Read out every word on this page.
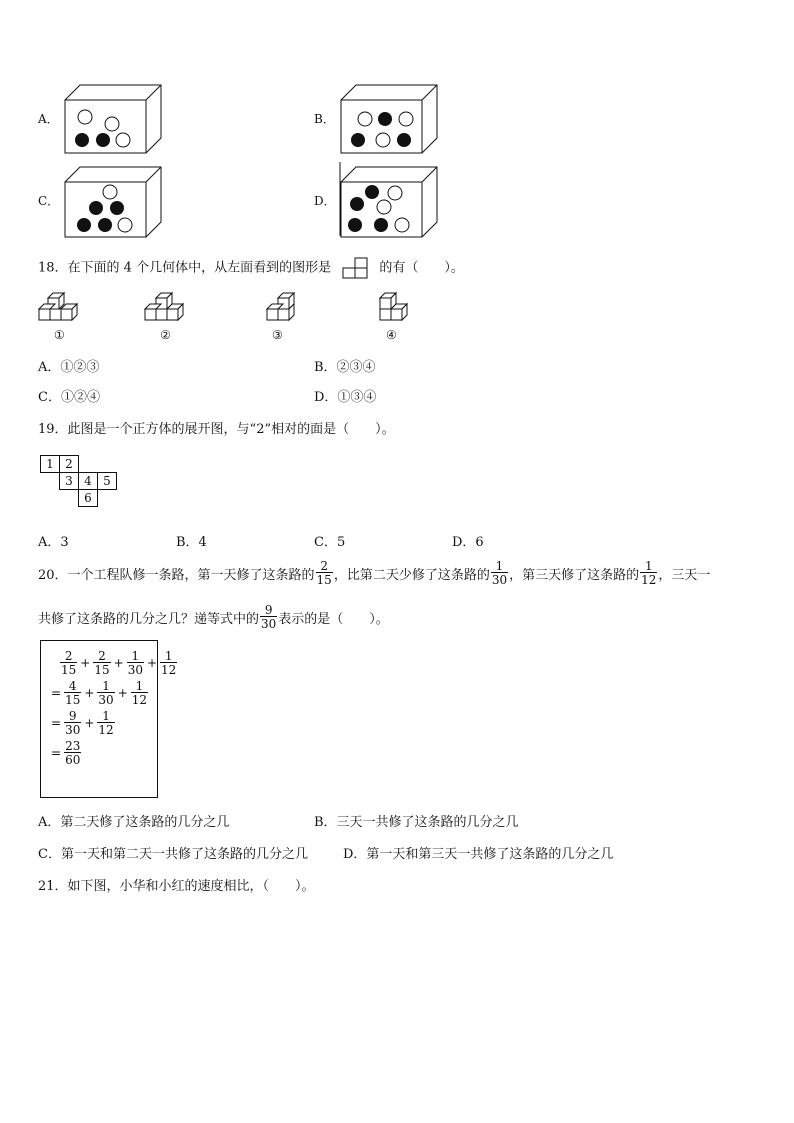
A．	B．
C．	D．
18．在下面的 4 个几何体中，从左面看到的图形是	的有（　　）。
①	②	③	④
A．①②③	B．②③④
C．①②④	D．①③④
19．此图是一个正方体的展开图，与“2”相对的面是（　　）。
1	2		
	3	4	5
		6	
A．3	B．4	C．5	D．6
20．一个工程队修一条路，第一天修了这条路的 $\frac{2}{15}$ ，比第二天少修了这条路的 $\frac{1}{30}$ ，第三天修了这条路的 $\frac{1}{12}$ ，三天一
共修了这条路的几分之几？递等式中的 $\frac{9}{30}$ 表示的是（　　）。
$\frac{2}{15} + \frac{2}{15} + \frac{1}{30} + \frac{1}{12}$
= $\frac{4}{15} + \frac{1}{30} + \frac{1}{12}$
= $\frac{9}{30} + \frac{1}{12}$
= $\frac{23}{60}$
A．第二天修了这条路的几分之几	B．三天一共修了这条路的几分之几
C．第一天和第二天一共修了这条路的几分之几	D．第一天和第三天一共修了这条路的几分之几
21．如下图，小华和小红的速度相比，（　　）。
